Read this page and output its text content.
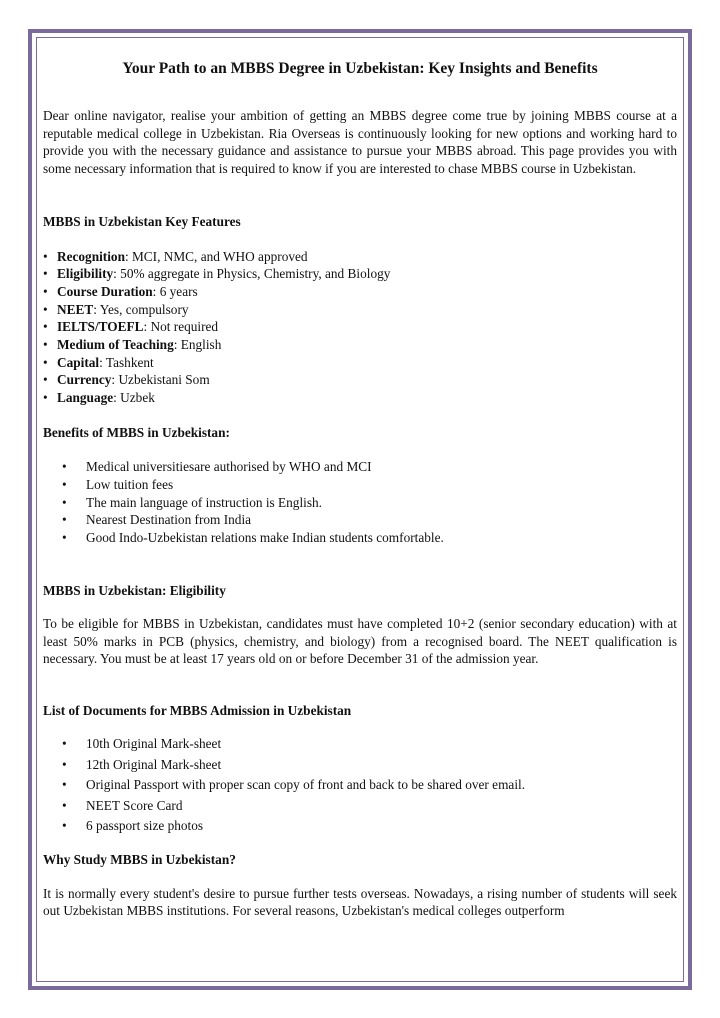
Your Path to an MBBS Degree in Uzbekistan: Key Insights and Benefits

Dear online navigator, realise your ambition of getting an MBBS degree come true by joining MBBS course at a reputable medical college in Uzbekistan. Ria Overseas is continuously looking for new options and working hard to provide you with the necessary guidance and assistance to pursue your MBBS abroad. This page provides you with some necessary information that is required to know if you are interested to chase MBBS course in Uzbekistan.

MBBS in Uzbekistan Key Features
• Recognition: MCI, NMC, and WHO approved
• Eligibility: 50% aggregate in Physics, Chemistry, and Biology
• Course Duration: 6 years
• NEET: Yes, compulsory
• IELTS/TOEFL: Not required
• Medium of Teaching: English
• Capital: Tashkent
• Currency: Uzbekistani Som
• Language: Uzbek
Benefits of MBBS in Uzbekistan:
• Medical universitiesare authorised by WHO and MCI
• Low tuition fees
• The main language of instruction is English.
• Nearest Destination from India
• Good Indo-Uzbekistan relations make Indian students comfortable.
MBBS in Uzbekistan: Eligibility

To be eligible for MBBS in Uzbekistan, candidates must have completed 10+2 (senior secondary education) with at least 50% marks in PCB (physics, chemistry, and biology) from a recognised board. The NEET qualification is necessary. You must be at least 17 years old on or before December 31 of the admission year.

List of Documents for MBBS Admission in Uzbekistan
• 10th Original Mark-sheet
• 12th Original Mark-sheet
• Original Passport with proper scan copy of front and back to be shared over email.
• NEET Score Card
• 6 passport size photos
Why Study MBBS in Uzbekistan?

It is normally every student's desire to pursue further tests overseas. Nowadays, a rising number of students will seek out Uzbekistan MBBS institutions. For several reasons, Uzbekistan's medical colleges outperform
